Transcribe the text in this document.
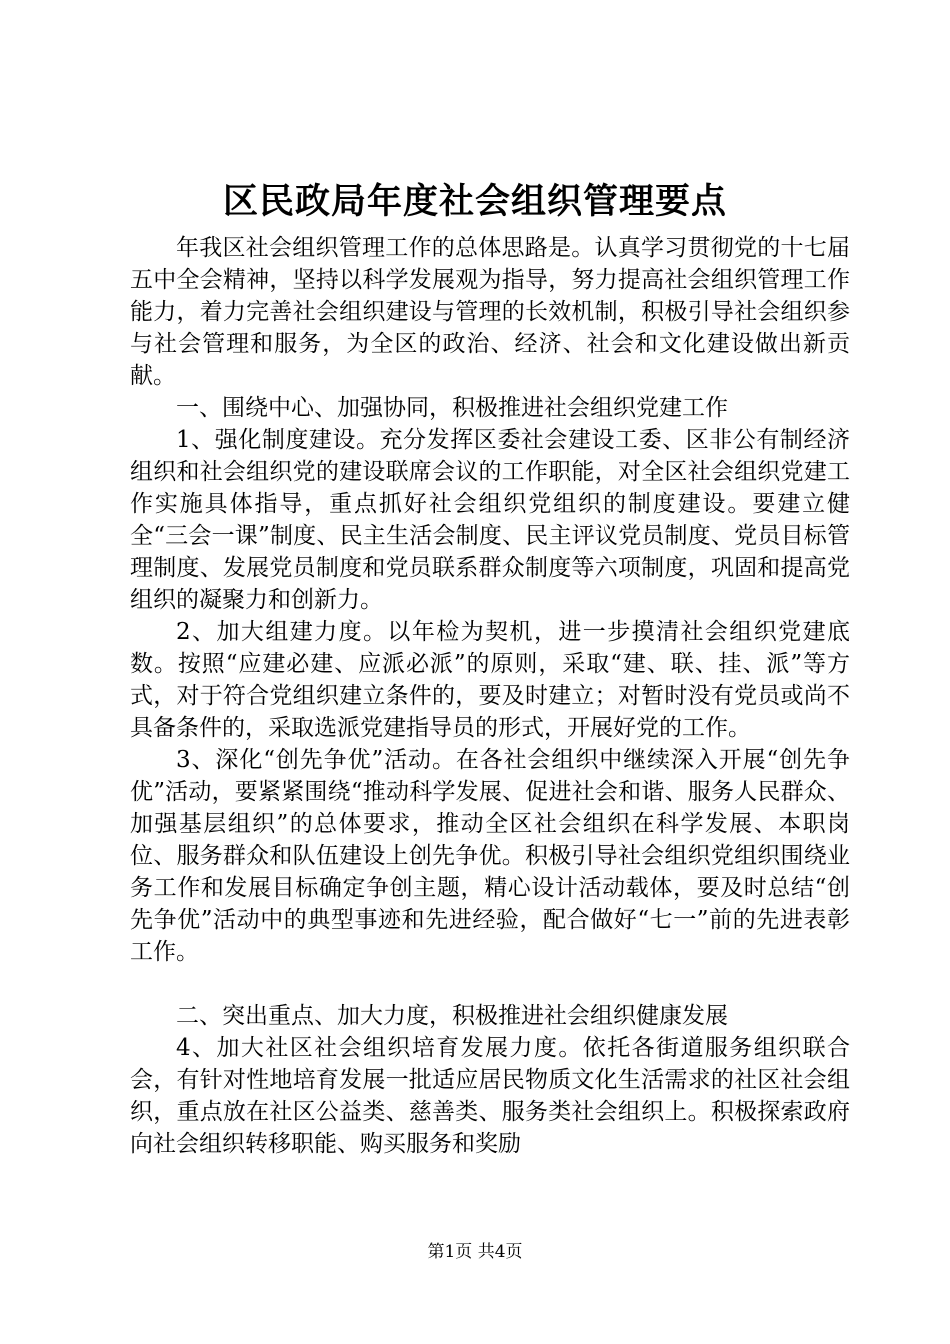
区民政局年度社会组织管理要点

年我区社会组织管理工作的总体思路是。认真学习贯彻党的十七届五中全会精神，坚持以科学发展观为指导，努力提高社会组织管理工作能力，着力完善社会组织建设与管理的长效机制，积极引导社会组织参与社会管理和服务，为全区的政治、经济、社会和文化建设做出新贡献。

一、围绕中心、加强协同，积极推进社会组织党建工作

1、强化制度建设。充分发挥区委社会建设工委、区非公有制经济组织和社会组织党的建设联席会议的工作职能，对全区社会组织党建工作实施具体指导，重点抓好社会组织党组织的制度建设。要建立健全“三会一课”制度、民主生活会制度、民主评议党员制度、党员目标管理制度、发展党员制度和党员联系群众制度等六项制度，巩固和提高党组织的凝聚力和创新力。

2、加大组建力度。以年检为契机，进一步摸清社会组织党建底数。按照“应建必建、应派必派”的原则，采取“建、联、挂、派”等方式，对于符合党组织建立条件的，要及时建立；对暂时没有党员或尚不具备条件的，采取选派党建指导员的形式，开展好党的工作。

3、深化“创先争优”活动。在各社会组织中继续深入开展“创先争优”活动，要紧紧围绕“推动科学发展、促进社会和谐、服务人民群众、加强基层组织”的总体要求，推动全区社会组织在科学发展、本职岗位、服务群众和队伍建设上创先争优。积极引导社会组织党组织围绕业务工作和发展目标确定争创主题，精心设计活动载体，要及时总结“创先争优”活动中的典型事迹和先进经验，配合做好“七一”前的先进表彰工作。

二、突出重点、加大力度，积极推进社会组织健康发展

4、加大社区社会组织培育发展力度。依托各街道服务组织联合会，有针对性地培育发展一批适应居民物质文化生活需求的社区社会组织，重点放在社区公益类、慈善类、服务类社会组织上。积极探索政府向社会组织转移职能、购买服务和奖励

第1页 共4页
